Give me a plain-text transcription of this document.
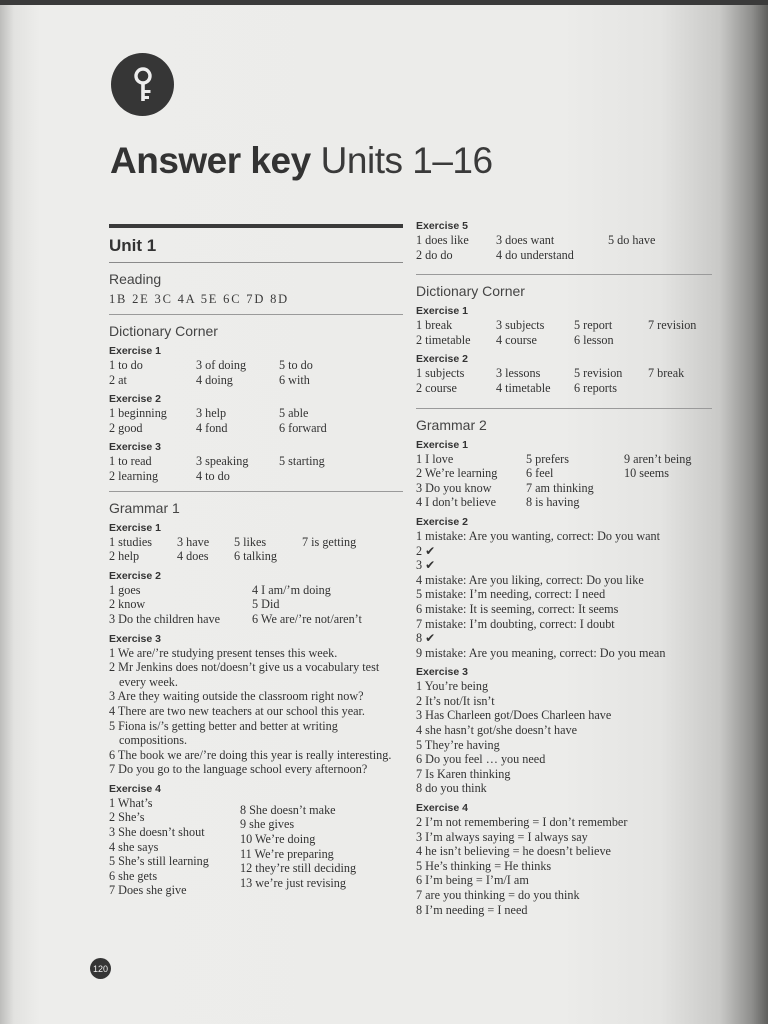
Answer key Units 1–16
Unit 1
Reading
1B 2E 3C 4A 5E 6C 7D 8D
Dictionary Corner
Exercise 1
1 to do	3 of doing	5 to do
2 at	4 doing	6 with
Exercise 2
1 beginning	3 help	5 able
2 good	4 fond	6 forward
Exercise 3
1 to read	3 speaking	5 starting
2 learning	4 to do
Grammar 1
Exercise 1
1 studies	3 have	5 likes	7 is getting
2 help	4 does	6 talking
Exercise 2
1 goes	4 I am/’m doing
2 know	5 Did
3 Do the children have	6 We are/’re not/aren’t
Exercise 3
1 We are/’re studying present tenses this week.
2 Mr Jenkins does not/doesn’t give us a vocabulary test every week.
3 Are they waiting outside the classroom right now?
4 There are two new teachers at our school this year.
5 Fiona is/’s getting better and better at writing compositions.
6 The book we are/’re doing this year is really interesting.
7 Do you go to the language school every afternoon?
Exercise 4
1 What’s
2 She’s
3 She doesn’t shout
4 she says
5 She’s still learning
6 she gets
7 Does she give
8 She doesn’t make
9 she gives
10 We’re doing
11 We’re preparing
12 they’re still deciding
13 we’re just revising
Exercise 5
1 does like	3 does want	5 do have
2 do do	4 do understand
Dictionary Corner
Exercise 1
1 break	3 subjects	5 report	7 revision
2 timetable	4 course	6 lesson
Exercise 2
1 subjects	3 lessons	5 revision	7 break
2 course	4 timetable	6 reports
Grammar 2
Exercise 1
1 I love	5 prefers	9 aren’t being
2 We’re learning	6 feel	10 seems
3 Do you know	7 am thinking
4 I don’t believe	8 is having
Exercise 2
1 mistake: Are you wanting, correct: Do you want
2 ✔
3 ✔
4 mistake: Are you liking, correct: Do you like
5 mistake: I’m needing, correct: I need
6 mistake: It is seeming, correct: It seems
7 mistake: I’m doubting, correct: I doubt
8 ✔
9 mistake: Are you meaning, correct: Do you mean
Exercise 3
1 You’re being
2 It’s not/It isn’t
3 Has Charleen got/Does Charleen have
4 she hasn’t got/she doesn’t have
5 They’re having
6 Do you feel … you need
7 Is Karen thinking
8 do you think
Exercise 4
2 I’m not remembering = I don’t remember
3 I’m always saying = I always say
4 he isn’t believing = he doesn’t believe
5 He’s thinking = He thinks
6 I’m being = I’m/I am
7 are you thinking = do you think
8 I’m needing = I need
120
